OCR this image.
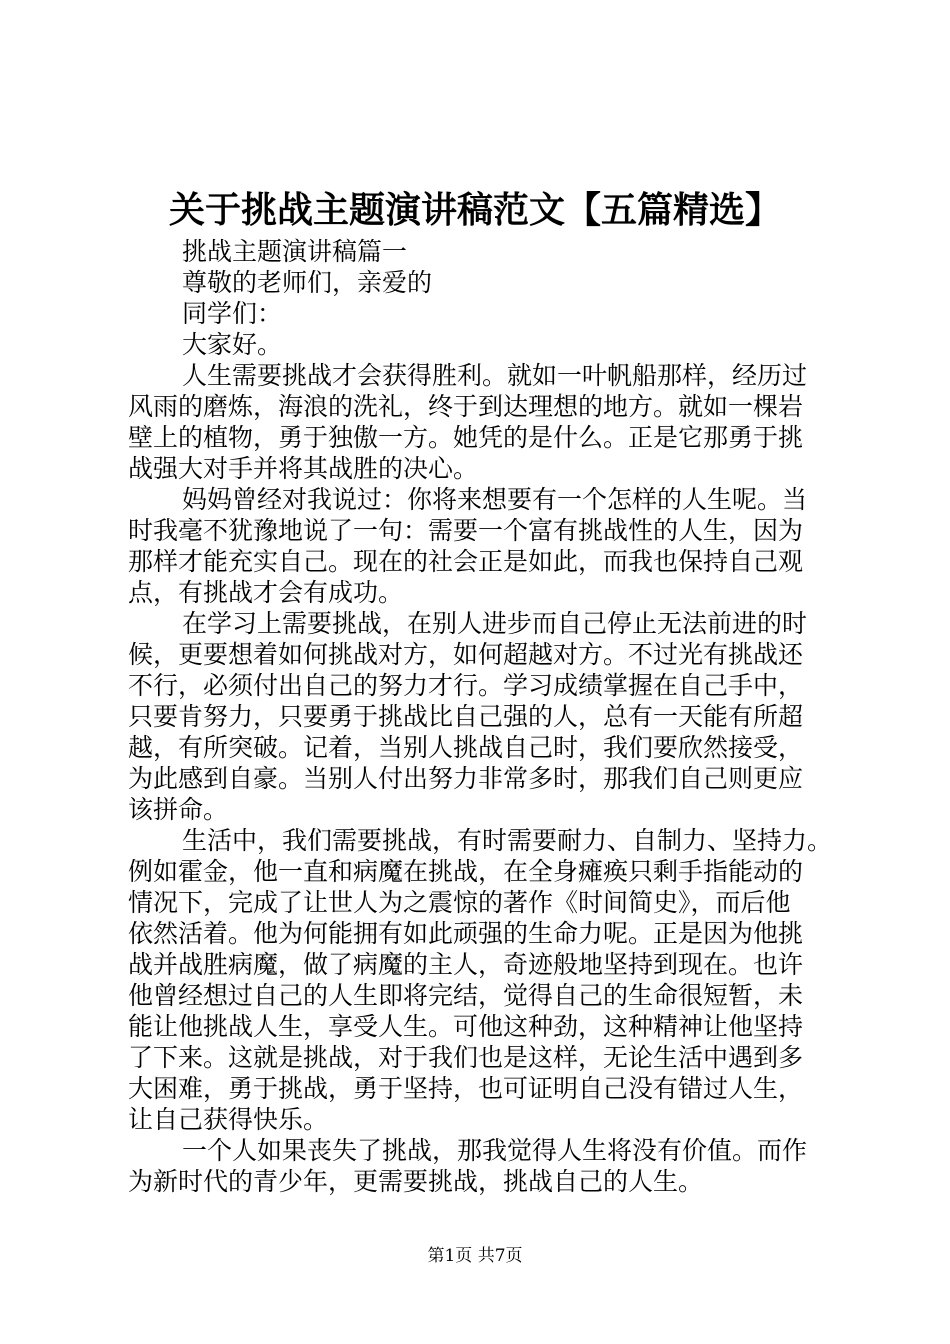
关于挑战主题演讲稿范文【五篇精选】
挑战主题演讲稿篇一
尊敬的老师们，亲爱的
同学们：
大家好。
人生需要挑战才会获得胜利。就如一叶帆船那样，经历过
风雨的磨炼，海浪的洗礼，终于到达理想的地方。就如一棵岩
壁上的植物，勇于独傲一方。她凭的是什么。正是它那勇于挑
战强大对手并将其战胜的决心。
妈妈曾经对我说过：你将来想要有一个怎样的人生呢。当
时我毫不犹豫地说了一句：需要一个富有挑战性的人生，因为
那样才能充实自己。现在的社会正是如此，而我也保持自己观
点，有挑战才会有成功。
在学习上需要挑战，在别人进步而自己停止无法前进的时
候，更要想着如何挑战对方，如何超越对方。不过光有挑战还
不行，必须付出自己的努力才行。学习成绩掌握在自己手中，
只要肯努力，只要勇于挑战比自己强的人，总有一天能有所超
越，有所突破。记着，当别人挑战自己时，我们要欣然接受，
为此感到自豪。当别人付出努力非常多时，那我们自己则更应
该拼命。
生活中，我们需要挑战，有时需要耐力、自制力、坚持力。
例如霍金，他一直和病魔在挑战，在全身瘫痪只剩手指能动的
情况下，完成了让世人为之震惊的著作《时间简史》，而后他
依然活着。他为何能拥有如此顽强的生命力呢。正是因为他挑
战并战胜病魔，做了病魔的主人，奇迹般地坚持到现在。也许
他曾经想过自己的人生即将完结，觉得自己的生命很短暂，未
能让他挑战人生，享受人生。可他这种劲，这种精神让他坚持
了下来。这就是挑战，对于我们也是这样，无论生活中遇到多
大困难，勇于挑战，勇于坚持，也可证明自己没有错过人生，
让自己获得快乐。
一个人如果丧失了挑战，那我觉得人生将没有价值。而作
为新时代的青少年，更需要挑战，挑战自己的人生。
第1页 共7页
